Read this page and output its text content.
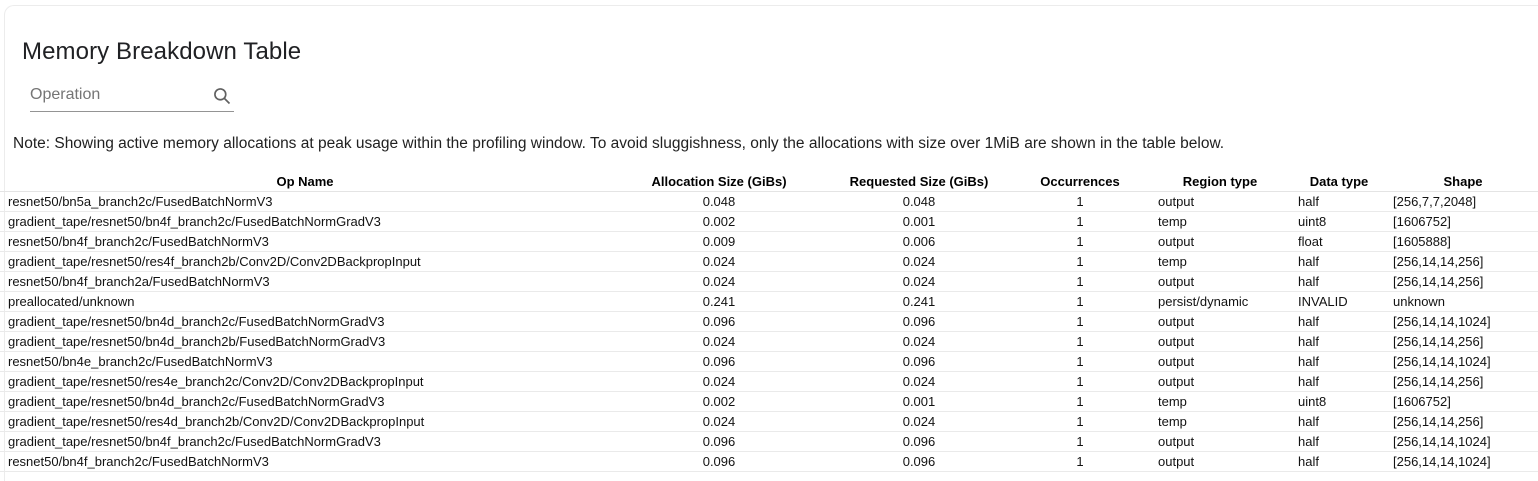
Memory Breakdown Table
Operation
Note: Showing active memory allocations at peak usage within the profiling window. To avoid sluggishness, only the allocations with size over 1MiB are shown in the table below.
Op Name	Allocation Size (GiBs)	Requested Size (GiBs)	Occurrences	Region type	Data type	Shape
resnet50/bn5a_branch2c/FusedBatchNormV3	0.048	0.048	1	output	half	[256,7,7,2048]
gradient_tape/resnet50/bn4f_branch2c/FusedBatchNormGradV3	0.002	0.001	1	temp	uint8	[1606752]
resnet50/bn4f_branch2c/FusedBatchNormV3	0.009	0.006	1	output	float	[1605888]
gradient_tape/resnet50/res4f_branch2b/Conv2D/Conv2DBackpropInput	0.024	0.024	1	temp	half	[256,14,14,256]
resnet50/bn4f_branch2a/FusedBatchNormV3	0.024	0.024	1	output	half	[256,14,14,256]
preallocated/unknown	0.241	0.241	1	persist/dynamic	INVALID	unknown
gradient_tape/resnet50/bn4d_branch2c/FusedBatchNormGradV3	0.096	0.096	1	output	half	[256,14,14,1024]
gradient_tape/resnet50/bn4d_branch2b/FusedBatchNormGradV3	0.024	0.024	1	output	half	[256,14,14,256]
resnet50/bn4e_branch2c/FusedBatchNormV3	0.096	0.096	1	output	half	[256,14,14,1024]
gradient_tape/resnet50/res4e_branch2c/Conv2D/Conv2DBackpropInput	0.024	0.024	1	output	half	[256,14,14,256]
gradient_tape/resnet50/bn4d_branch2c/FusedBatchNormGradV3	0.002	0.001	1	temp	uint8	[1606752]
gradient_tape/resnet50/res4d_branch2b/Conv2D/Conv2DBackpropInput	0.024	0.024	1	temp	half	[256,14,14,256]
gradient_tape/resnet50/bn4f_branch2c/FusedBatchNormGradV3	0.096	0.096	1	output	half	[256,14,14,1024]
resnet50/bn4f_branch2c/FusedBatchNormV3	0.096	0.096	1	output	half	[256,14,14,1024]
